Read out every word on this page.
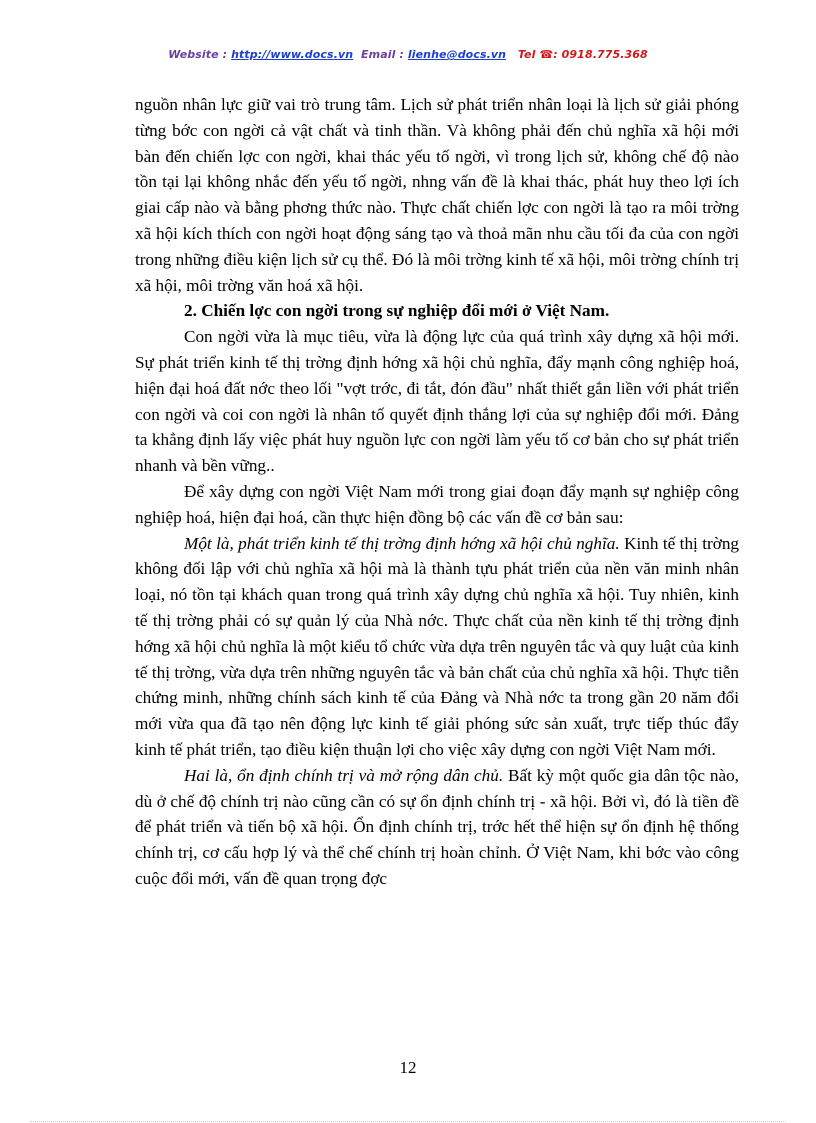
Website : http://www.docs.vn Email : lienhe@docs.vn Tel ☎: 0918.775.368

nguồn nhân lực giữ vai trò trung tâm. Lịch sử phát triển nhân loại là lịch sử giải phóng từng bớc con ngời cả vật chất và tinh thần. Và không phải đến chủ nghĩa xã hội mới bàn đến chiến lợc con ngời, khai thác yếu tố ngời, vì trong lịch sử, không chế độ nào tồn tại lại không nhắc đến yếu tố ngời, nhng vấn đề là khai thác, phát huy theo lợi ích giai cấp nào và bằng phơng thức nào. Thực chất chiến lợc con ngời là tạo ra môi trờng xã hội kích thích con ngời hoạt động sáng tạo và thoả mãn nhu cầu tối đa của con ngời trong những điều kiện lịch sử cụ thể. Đó là môi trờng kinh tế xã hội, môi trờng chính trị xã hội, môi trờng văn hoá xã hội.

2. Chiến lợc con ngời trong sự nghiệp đổi mới ở Việt Nam.

Con ngời vừa là mục tiêu, vừa là động lực của quá trình xây dựng xã hội mới. Sự phát triển kinh tế thị trờng định hớng xã hội chủ nghĩa, đẩy mạnh công nghiệp hoá, hiện đại hoá đất nớc theo lối "vợt trớc, đi tắt, đón đầu" nhất thiết gắn liền với phát triển con ngời và coi con ngời là nhân tố quyết định thắng lợi của sự nghiệp đổi mới. Đảng ta khẳng định lấy việc phát huy nguồn lực con ngời làm yếu tố cơ bản cho sự phát triển nhanh và bền vững..

Để xây dựng con ngời Việt Nam mới trong giai đoạn đẩy mạnh sự nghiệp công nghiệp hoá, hiện đại hoá, cần thực hiện đồng bộ các vấn đề cơ bản sau:

Một là, phát triển kinh tế thị trờng định hớng xã hội chủ nghĩa. Kinh tế thị trờng không đối lập với chủ nghĩa xã hội mà là thành tựu phát triển của nền văn minh nhân loại, nó tồn tại khách quan trong quá trình xây dựng chủ nghĩa xã hội. Tuy nhiên, kinh tế thị trờng phải có sự quản lý của Nhà nớc. Thực chất của nền kinh tế thị trờng định hớng xã hội chủ nghĩa là một kiểu tổ chức vừa dựa trên nguyên tắc và quy luật của kinh tế thị trờng, vừa dựa trên những nguyên tắc và bản chất của chủ nghĩa xã hội. Thực tiễn chứng minh, những chính sách kinh tế của Đảng và Nhà nớc ta trong gần 20 năm đổi mới vừa qua đã tạo nên động lực kinh tế giải phóng sức sản xuất, trực tiếp thúc đẩy kinh tế phát triển, tạo điều kiện thuận lợi cho việc xây dựng con ngời Việt Nam mới.

Hai là, ổn định chính trị và mở rộng dân chủ. Bất kỳ một quốc gia dân tộc nào, dù ở chế độ chính trị nào cũng cần có sự ổn định chính trị - xã hội. Bởi vì, đó là tiền đề để phát triển và tiến bộ xã hội. Ổn định chính trị, trớc hết thể hiện sự ổn định hệ thống chính trị, cơ cấu hợp lý và thể chế chính trị hoàn chỉnh. Ở Việt Nam, khi bớc vào công cuộc đổi mới, vấn đề quan trọng đợc

12
